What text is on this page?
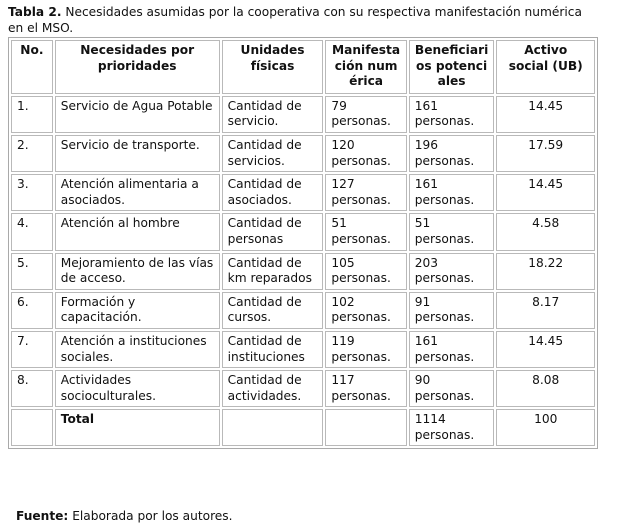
Tabla 2. Necesidades asumidas por la cooperativa con su respectiva manifestación numérica
en el MSO.
No.	Necesidades por prioridades	Unidades físicas	Manifestación numérica	Beneficiarios potenciales	Activo social (UB)
1.	Servicio de Agua Potable	Cantidad de servicio.	79 personas.	161 personas.	14.45
2.	Servicio de transporte.	Cantidad de servicios.	120 personas.	196 personas.	17.59
3.	Atención alimentaria a asociados.	Cantidad de asociados.	127 personas.	161 personas.	14.45
4.	Atención al hombre	Cantidad de personas	51 personas.	51 personas.	4.58
5.	Mejoramiento de las vías de acceso.	Cantidad de km reparados	105 personas.	203 personas.	18.22
6.	Formación y capacitación.	Cantidad de cursos.	102 personas.	91 personas.	8.17
7.	Atención a instituciones sociales.	Cantidad de instituciones	119 personas.	161 personas.	14.45
8.	Actividades socioculturales.	Cantidad de actividades.	117 personas.	90 personas.	8.08
	Total			1114 personas.	100
Fuente: Elaborada por los autores.
